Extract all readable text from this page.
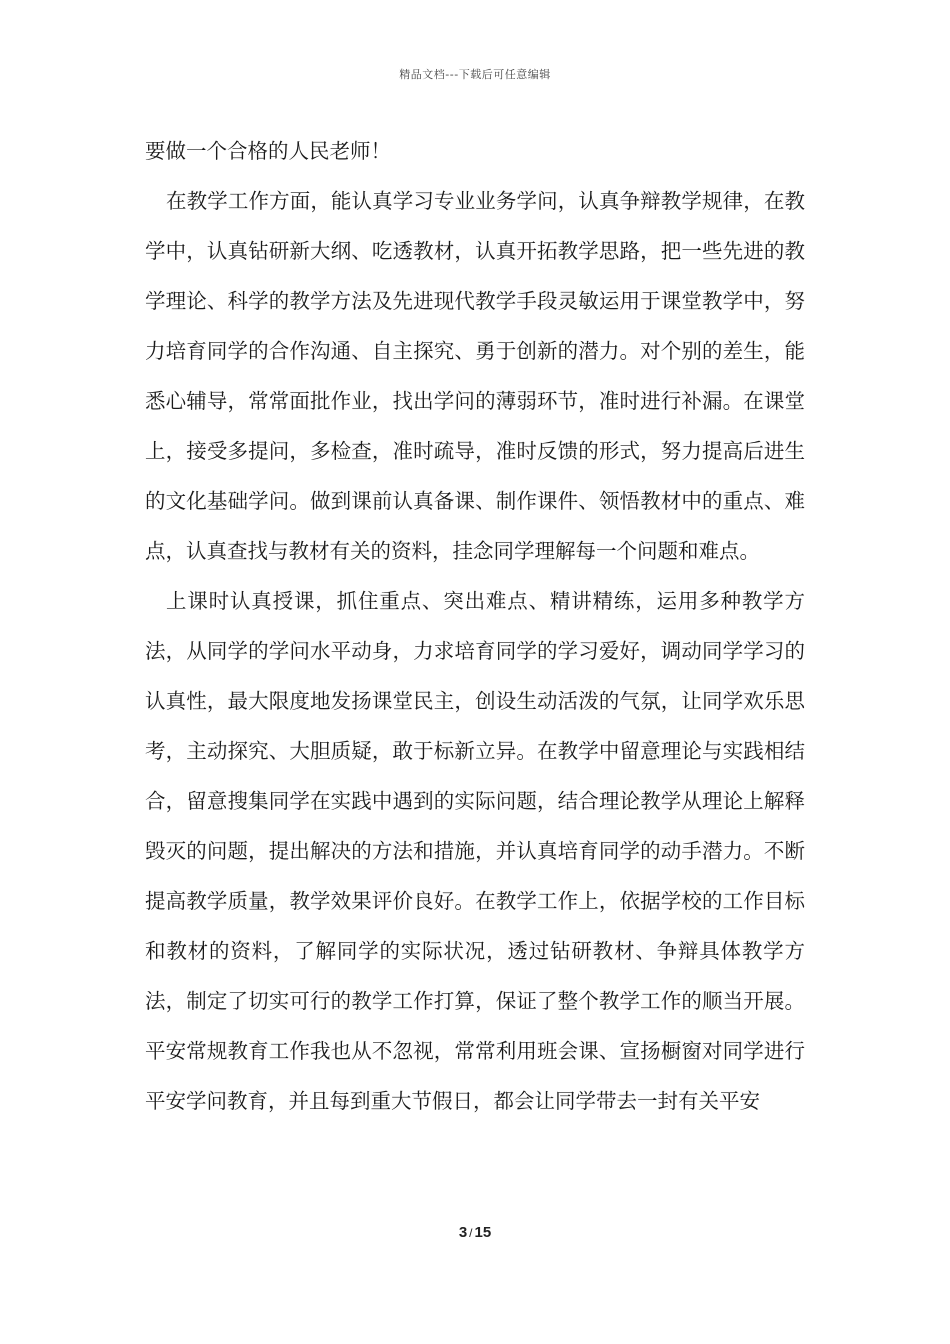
精品文档---下载后可任意编辑

要做一个合格的人民老师！

在教学工作方面，能认真学习专业业务学问，认真争辩教学规律，在教学中，认真钻研新大纲、吃透教材，认真开拓教学思路，把一些先进的教学理论、科学的教学方法及先进现代教学手段灵敏运用于课堂教学中，努力培育同学的合作沟通、自主探究、勇于创新的潜力。对个别的差生，能悉心辅导，常常面批作业，找出学问的薄弱环节，准时进行补漏。在课堂上，接受多提问，多检查，准时疏导，准时反馈的形式，努力提高后进生的文化基础学问。做到课前认真备课、制作课件、领悟教材中的重点、难点，认真查找与教材有关的资料，挂念同学理解每一个问题和难点。

上课时认真授课，抓住重点、突出难点、精讲精练，运用多种教学方法，从同学的学问水平动身，力求培育同学的学习爱好，调动同学学习的认真性，最大限度地发扬课堂民主，创设生动活泼的气氛，让同学欢乐思考，主动探究、大胆质疑，敢于标新立异。在教学中留意理论与实践相结合，留意搜集同学在实践中遇到的实际问题，结合理论教学从理论上解释毁灭的问题，提出解决的方法和措施，并认真培育同学的动手潜力。不断提高教学质量，教学效果评价良好。在教学工作上，依据学校的工作目标和教材的资料，了解同学的实际状况，透过钻研教材、争辩具体教学方法，制定了切实可行的教学工作打算，保证了整个教学工作的顺当开展。平安常规教育工作我也从不忽视，常常利用班会课、宣扬橱窗对同学进行平安学问教育，并且每到重大节假日，都会让同学带去一封有关平安

3 / 15
